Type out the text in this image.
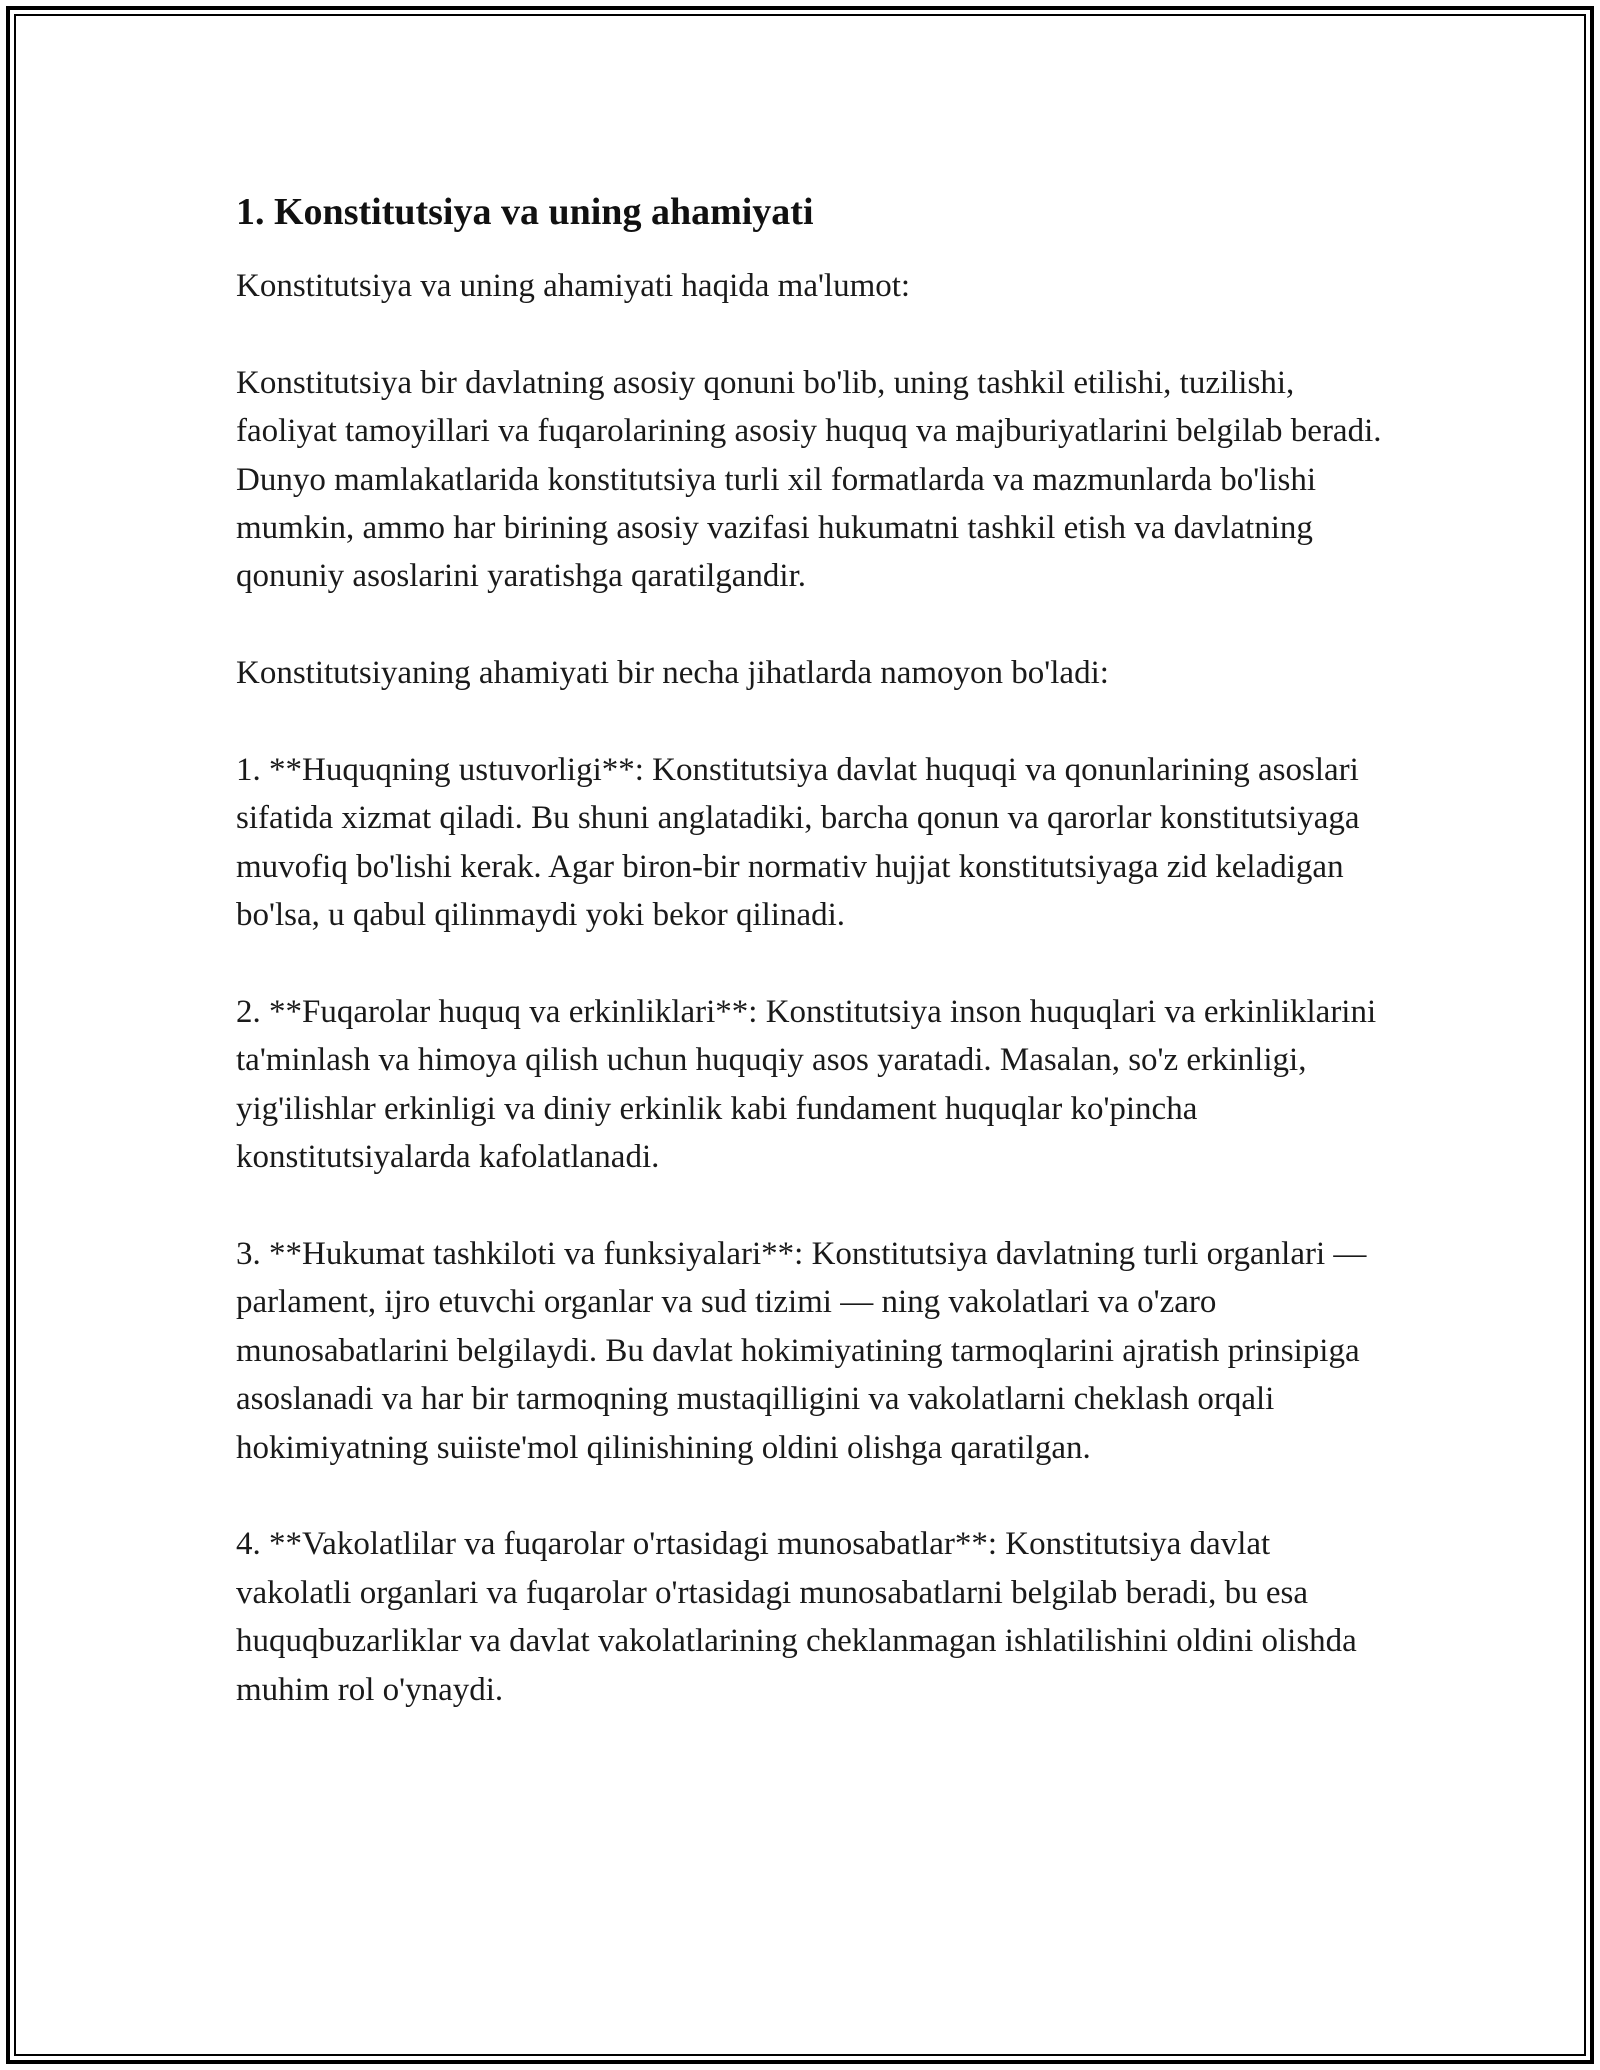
1. Konstitutsiya va uning ahamiyati

Konstitutsiya va uning ahamiyati haqida ma'lumot:

Konstitutsiya bir davlatning asosiy qonuni bo'lib, uning tashkil etilishi, tuzilishi, faoliyat tamoyillari va fuqarolarining asosiy huquq va majburiyatlarini belgilab beradi. Dunyo mamlakatlarida konstitutsiya turli xil formatlarda va mazmunlarda bo'lishi mumkin, ammo har birining asosiy vazifasi hukumatni tashkil etish va davlatning qonuniy asoslarini yaratishga qaratilgandir.

Konstitutsiyaning ahamiyati bir necha jihatlarda namoyon bo'ladi:

1. **Huquqning ustuvorligi**: Konstitutsiya davlat huquqi va qonunlarining asoslari sifatida xizmat qiladi. Bu shuni anglatadiki, barcha qonun va qarorlar konstitutsiyaga muvofiq bo'lishi kerak. Agar biron-bir normativ hujjat konstitutsiyaga zid keladigan bo'lsa, u qabul qilinmaydi yoki bekor qilinadi.

2. **Fuqarolar huquq va erkinliklari**: Konstitutsiya inson huquqlari va erkinliklarini ta'minlash va himoya qilish uchun huquqiy asos yaratadi. Masalan, so'z erkinligi, yig'ilishlar erkinligi va diniy erkinlik kabi fundament huquqlar ko'pincha konstitutsiyalarda kafolatlanadi.

3. **Hukumat tashkiloti va funksiyalari**: Konstitutsiya davlatning turli organlari — parlament, ijro etuvchi organlar va sud tizimi — ning vakolatlari va o'zaro munosabatlarini belgilaydi. Bu davlat hokimiyatining tarmoqlarini ajratish prinsipiga asoslanadi va har bir tarmoqning mustaqilligini va vakolatlarni cheklash orqali hokimiyatning suiiste'mol qilinishining oldini olishga qaratilgan.

4. **Vakolatlilar va fuqarolar o'rtasidagi munosabatlar**: Konstitutsiya davlat vakolatli organlari va fuqarolar o'rtasidagi munosabatlarni belgilab beradi, bu esa huquqbuzarliklar va davlat vakolatlarining cheklanmagan ishlatilishini oldini olishda muhim rol o'ynaydi.
